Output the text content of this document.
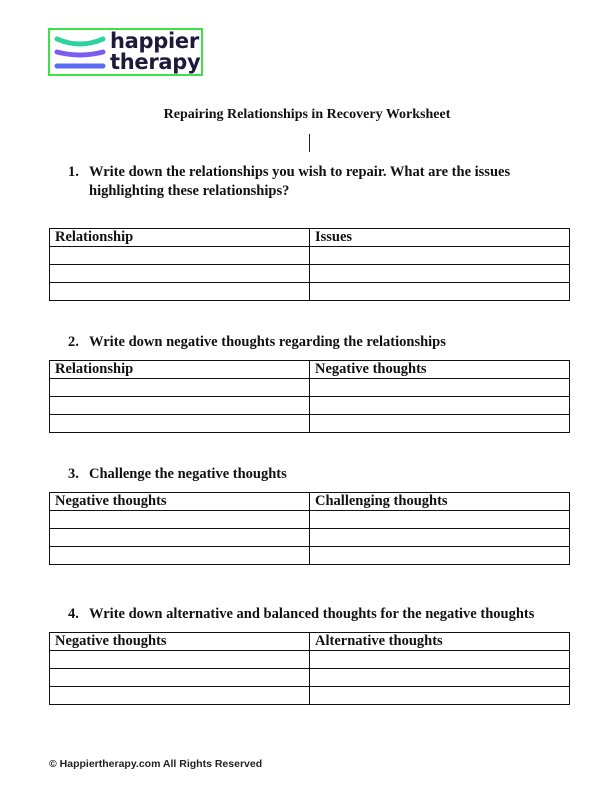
happier
therapy
Repairing Relationships in Recovery Worksheet
1. Write down the relationships you wish to repair. What are the issues highlighting these relationships?
Relationship	Issues

2. Write down negative thoughts regarding the relationships
Relationship	Negative thoughts

3. Challenge the negative thoughts
Negative thoughts	Challenging thoughts

4. Write down alternative and balanced thoughts for the negative thoughts
Negative thoughts	Alternative thoughts

© Happiertherapy.com All Rights Reserved
